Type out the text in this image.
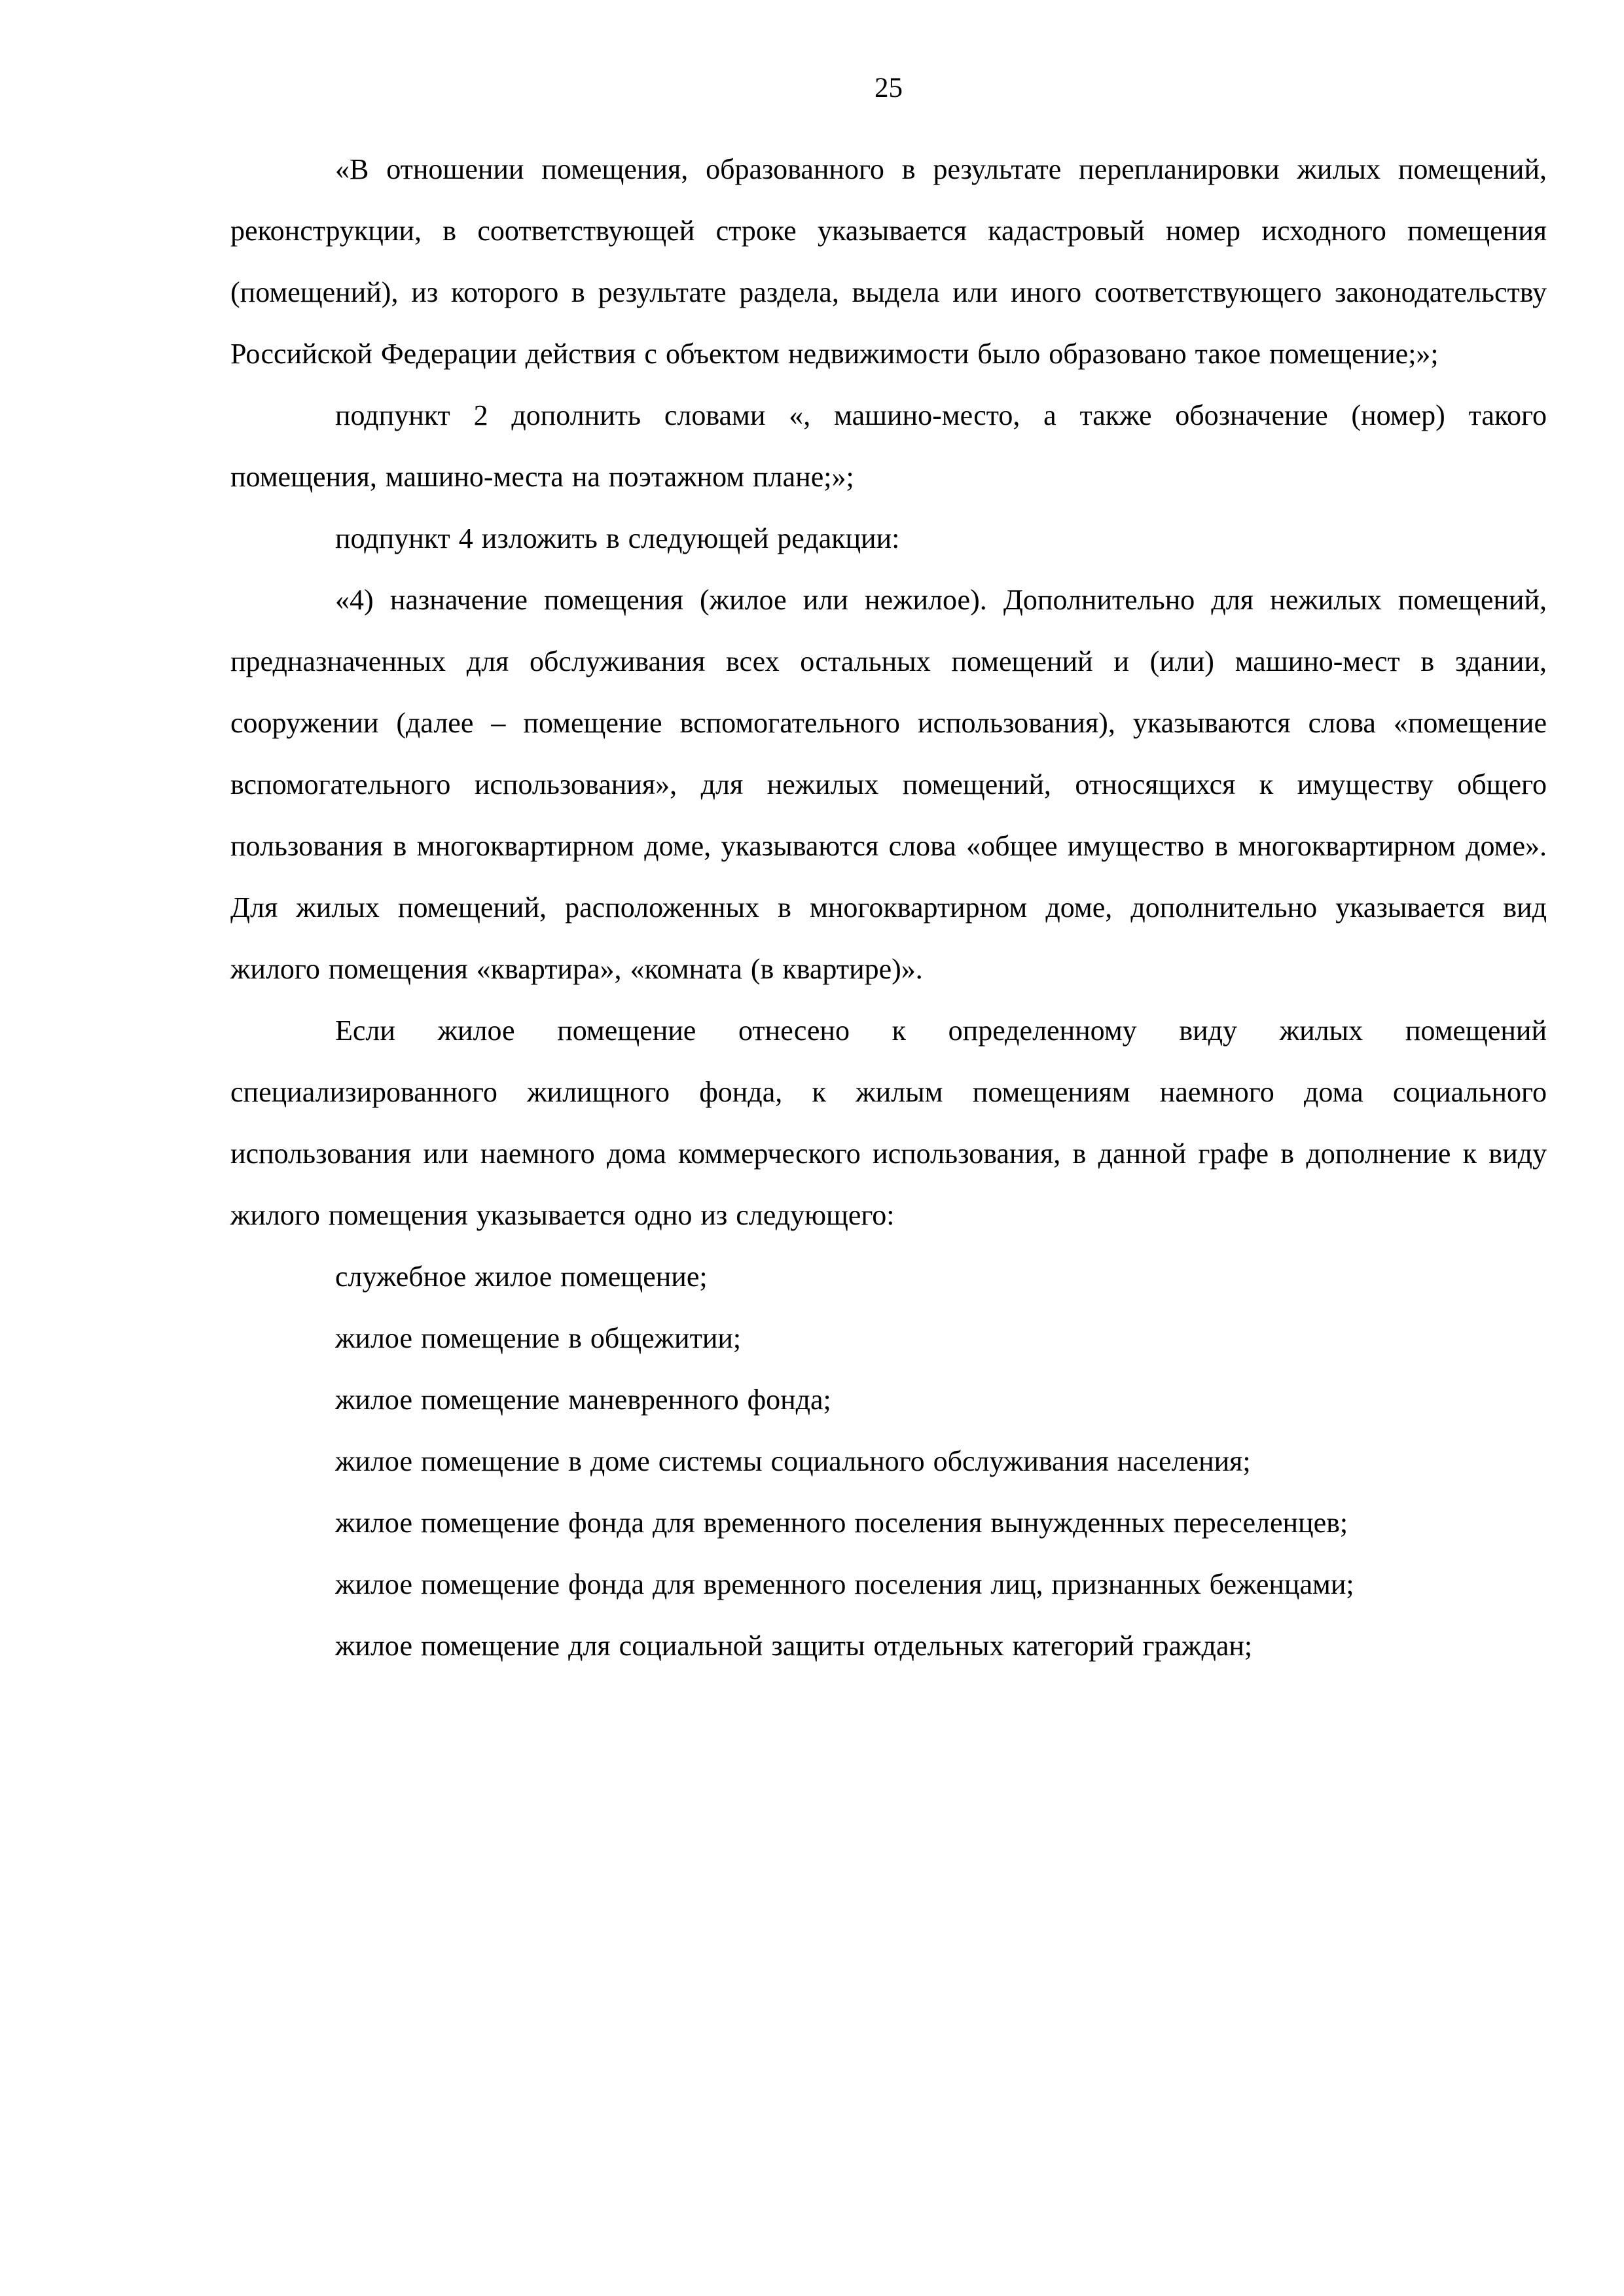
25

«В отношении помещения, образованного в результате перепланировки жилых помещений, реконструкции, в соответствующей строке указывается кадастровый номер исходного помещения (помещений), из которого в результате раздела, выдела или иного соответствующего законодательству Российской Федерации действия с объектом недвижимости было образовано такое помещение;»;

подпункт 2 дополнить словами «, машино-место, а также обозначение (номер) такого помещения, машино-места на поэтажном плане;»;

подпункт 4 изложить в следующей редакции:

«4) назначение помещения (жилое или нежилое). Дополнительно для нежилых помещений, предназначенных для обслуживания всех остальных помещений и (или) машино-мест в здании, сооружении (далее – помещение вспомогательного использования), указываются слова «помещение вспомогательного использования», для нежилых помещений, относящихся к имуществу общего пользования в многоквартирном доме, указываются слова «общее имущество в многоквартирном доме». Для жилых помещений, расположенных в многоквартирном доме, дополнительно указывается вид жилого помещения «квартира», «комната (в квартире)».

Если жилое помещение отнесено к определенному виду жилых помещений специализированного жилищного фонда, к жилым помещениям наемного дома социального использования или наемного дома коммерческого использования, в данной графе в дополнение к виду жилого помещения указывается одно из следующего:

служебное жилое помещение;

жилое помещение в общежитии;

жилое помещение маневренного фонда;

жилое помещение в доме системы социального обслуживания населения;

жилое помещение фонда для временного поселения вынужденных переселенцев;

жилое помещение фонда для временного поселения лиц, признанных беженцами;

жилое помещение для социальной защиты отдельных категорий граждан;
